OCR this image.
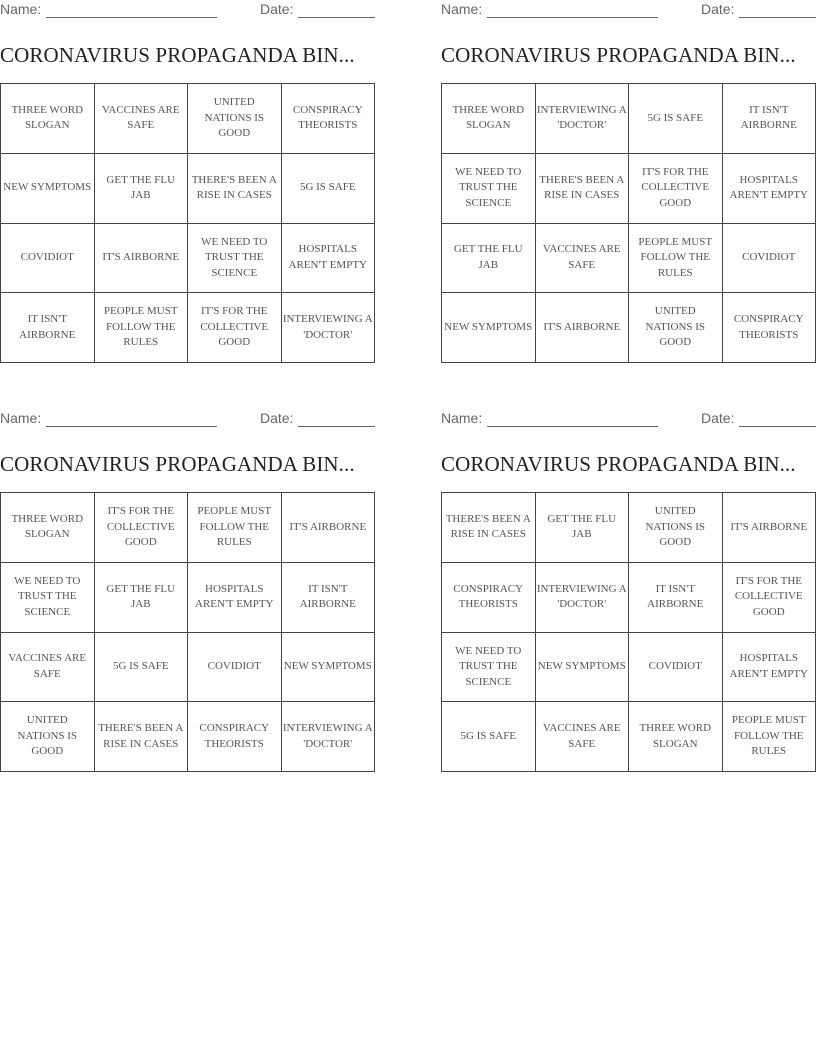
Name:	Date:
CORONAVIRUS PROPAGANDA BIN...
THREE WORD SLOGAN	VACCINES ARE SAFE	UNITED NATIONS IS GOOD	CONSPIRACY THEORISTS
NEW SYMPTOMS	GET THE FLU JAB	THERE'S BEEN A RISE IN CASES	5G IS SAFE
COVIDIOT	IT'S AIRBORNE	WE NEED TO TRUST THE SCIENCE	HOSPITALS AREN'T EMPTY
IT ISN'T AIRBORNE	PEOPLE MUST FOLLOW THE RULES	IT'S FOR THE COLLECTIVE GOOD	INTERVIEWING A 'DOCTOR'
Name:	Date:
CORONAVIRUS PROPAGANDA BIN...
THREE WORD SLOGAN	INTERVIEWING A 'DOCTOR'	5G IS SAFE	IT ISN'T AIRBORNE
WE NEED TO TRUST THE SCIENCE	THERE'S BEEN A RISE IN CASES	IT'S FOR THE COLLECTIVE GOOD	HOSPITALS AREN'T EMPTY
GET THE FLU JAB	VACCINES ARE SAFE	PEOPLE MUST FOLLOW THE RULES	COVIDIOT
NEW SYMPTOMS	IT'S AIRBORNE	UNITED NATIONS IS GOOD	CONSPIRACY THEORISTS
Name:	Date:
CORONAVIRUS PROPAGANDA BIN...
THREE WORD SLOGAN	IT'S FOR THE COLLECTIVE GOOD	PEOPLE MUST FOLLOW THE RULES	IT'S AIRBORNE
WE NEED TO TRUST THE SCIENCE	GET THE FLU JAB	HOSPITALS AREN'T EMPTY	IT ISN'T AIRBORNE
VACCINES ARE SAFE	5G IS SAFE	COVIDIOT	NEW SYMPTOMS
UNITED NATIONS IS GOOD	THERE'S BEEN A RISE IN CASES	CONSPIRACY THEORISTS	INTERVIEWING A 'DOCTOR'
Name:	Date:
CORONAVIRUS PROPAGANDA BIN...
THERE'S BEEN A RISE IN CASES	GET THE FLU JAB	UNITED NATIONS IS GOOD	IT'S AIRBORNE
CONSPIRACY THEORISTS	INTERVIEWING A 'DOCTOR'	IT ISN'T AIRBORNE	IT'S FOR THE COLLECTIVE GOOD
WE NEED TO TRUST THE SCIENCE	NEW SYMPTOMS	COVIDIOT	HOSPITALS AREN'T EMPTY
5G IS SAFE	VACCINES ARE SAFE	THREE WORD SLOGAN	PEOPLE MUST FOLLOW THE RULES
